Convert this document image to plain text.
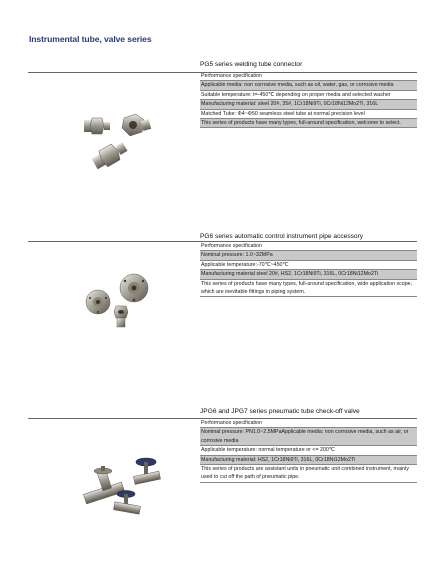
Instrumental tube, valve series
PG5 series welding tube connector
Performance specification
Applicable media: non corrosive media, such as oil, water, gas, or corrosive media
Suitable temperature: t=-450℃ depending on proper media and selected washer
Manufacturing material: steel 20#, 35#, 1Cr18Ni9Ti, 0Cr18Ni12Mo2Ti, 316L
Matched Tube: Φ4~Φ50 seamless steel tube at normal precision level
This series of products have many types, full-around specification, welcome to select.
PG6 series automatic control instrument pipe accessory
Performance specification
Nominal pressure: 1.0~32MPa
Applicable temperature:-70℃~450℃
Manufacturing material steel 20#, HS2, 1Cr18Ni9Ti, 316L, 0Cr18Ni12Mo2Ti
This series of products have many types, full-around specification, wide application scope, which are inevitable fittings in piping system.
JPG6 and JPG7 series pneumatic tube check-off valve
Performance specification
Nominal pressure: PN1.0~2.5MPaApplicable media: non corrosive media, such as air, or corrosive media
Applicable temperature: normal temperature or <= 200℃
Manufacturing material: HS2, 1Cr18Ni9Ti, 316L, 0Cr18Ni12Mo2Ti
This series of products are assistant units in pneumatic unit combined instrument, mainly used to cut off the path of pneumatic pipe.
